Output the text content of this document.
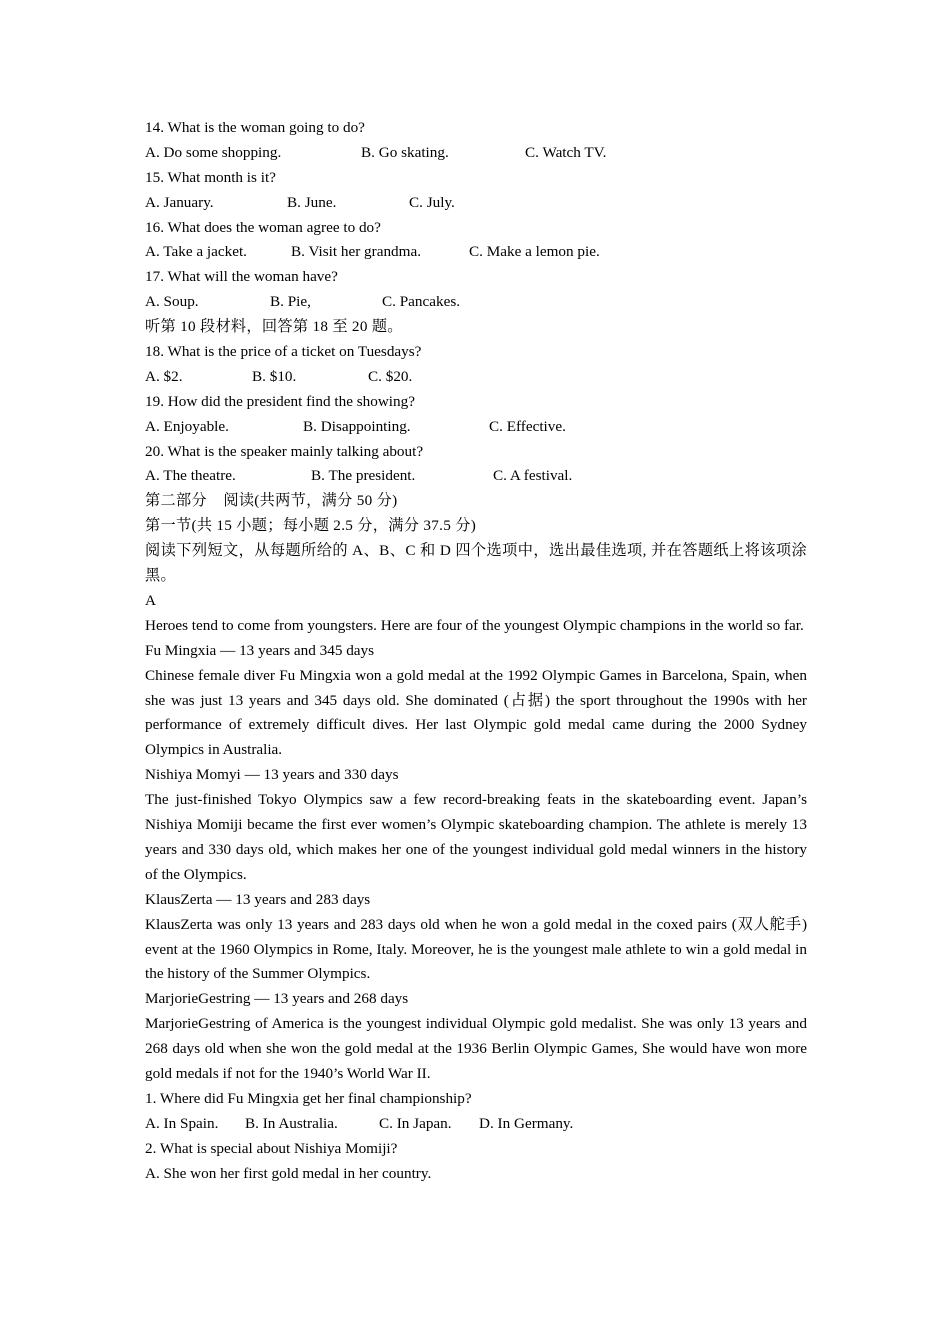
14. What is the woman going to do?
A. Do some shopping.	B. Go skating.	C. Watch TV.
15. What month is it?
A. January.	B. June.	C. July.
16. What does the woman agree to do?
A. Take a jacket.	B. Visit her grandma.	C. Make a lemon pie.
17. What will the woman have?
A. Soup.	B. Pie,	C. Pancakes.
听第 10 段材料，回答第 18 至 20 题。
18. What is the price of a ticket on Tuesdays?
A. $2.	B. $10.	C. $20.
19. How did the president find the showing?
A. Enjoyable.	B. Disappointing.	C. Effective.
20. What is the speaker mainly talking about?
A. The theatre.	B. The president.	C. A festival.
第二部分    阅读(共两节，满分 50 分)
第一节(共 15 小题；每小题 2.5 分，满分 37.5 分)
阅读下列短文，从每题所给的 A、B、C 和 D 四个选项中，选出最佳选项, 并在答题纸上将该项涂黑。
A
Heroes tend to come from youngsters. Here are four of the youngest Olympic champions in the world so far.
Fu Mingxia — 13 years and 345 days
Chinese female diver Fu Mingxia won a gold medal at the 1992 Olympic Games in Barcelona, Spain, when she was just 13 years and 345 days old. She dominated (占据) the sport throughout the 1990s with her performance of extremely difficult dives. Her last Olympic gold medal came during the 2000 Sydney Olympics in Australia.
Nishiya Momyi — 13 years and 330 days
The just-finished Tokyo Olympics saw a few record-breaking feats in the skateboarding event. Japan’s Nishiya Momiji became the first ever women’s Olympic skateboarding champion. The athlete is merely 13 years and 330 days old, which makes her one of the youngest individual gold medal winners in the history of the Olympics.
KlausZerta — 13 years and 283 days
KlausZerta was only 13 years and 283 days old when he won a gold medal in the coxed pairs (双人舵手) event at the 1960 Olympics in Rome, Italy. Moreover, he is the youngest male athlete to win a gold medal in the history of the Summer Olympics.
MarjorieGestring — 13 years and 268 days
MarjorieGestring of America is the youngest individual Olympic gold medalist. She was only 13 years and 268 days old when she won the gold medal at the 1936 Berlin Olympic Games, She would have won more gold medals if not for the 1940’s World War II.
1. Where did Fu Mingxia get her final championship?
A. In Spain. B. In Australia.	C. In Japan. D. In Germany.
2. What is special about Nishiya Momiji?
A. She won her first gold medal in her country.
